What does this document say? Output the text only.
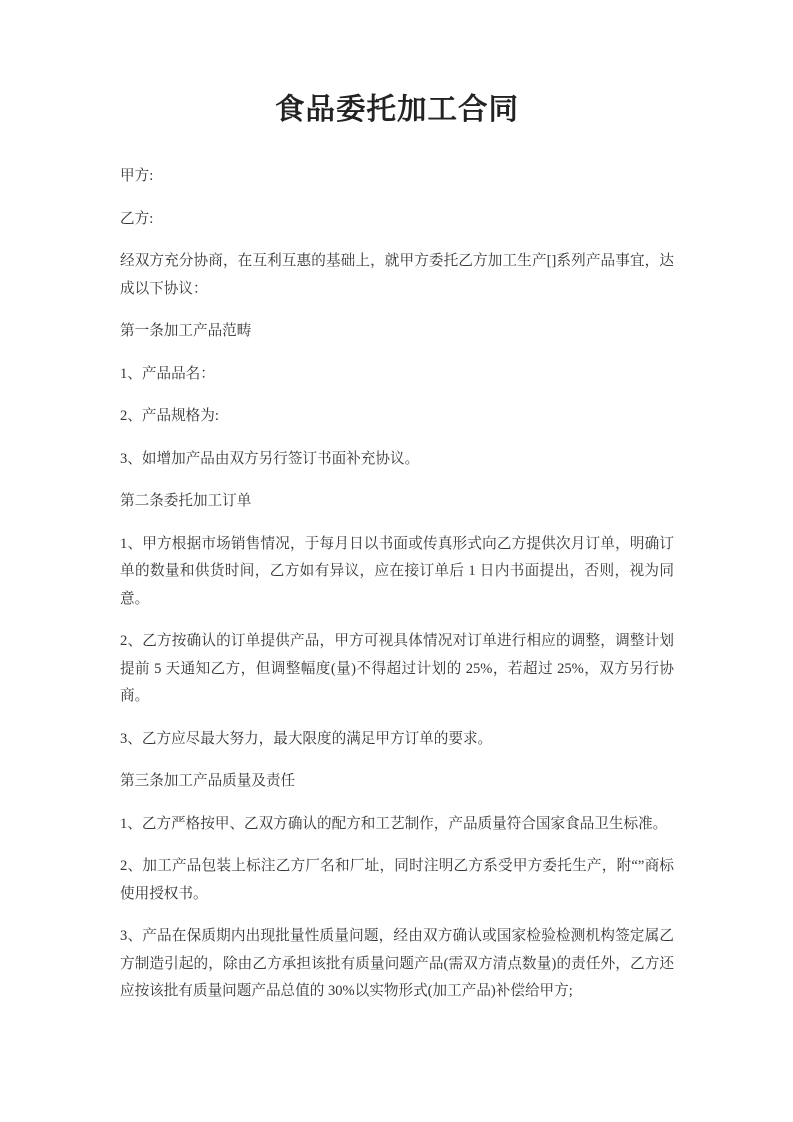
食品委托加工合同

甲方:

乙方:

经双方充分协商，在互利互惠的基础上，就甲方委托乙方加工生产[]系列产品事宜，达成以下协议：

第一条加工产品范畴

1、产品品名：

2、产品规格为:

3、如增加产品由双方另行签订书面补充协议。

第二条委托加工订单

1、甲方根据市场销售情况，于每月日以书面或传真形式向乙方提供次月订单，明确订单的数量和供货时间，乙方如有异议，应在接订单后 1 日内书面提出，否则，视为同意。

2、乙方按确认的订单提供产品，甲方可视具体情况对订单进行相应的调整，调整计划提前 5 天通知乙方，但调整幅度(量)不得超过计划的 25%，若超过 25%，双方另行协商。

3、乙方应尽最大努力，最大限度的满足甲方订单的要求。

第三条加工产品质量及责任

1、乙方严格按甲、乙双方确认的配方和工艺制作，产品质量符合国家食品卫生标准。

2、加工产品包装上标注乙方厂名和厂址，同时注明乙方系受甲方委托生产，附“”商标使用授权书。

3、产品在保质期内出现批量性质量问题，经由双方确认或国家检验检测机构签定属乙方制造引起的，除由乙方承担该批有质量问题产品(需双方清点数量)的责任外，乙方还应按该批有质量问题产品总值的 30%以实物形式(加工产品)补偿给甲方;
